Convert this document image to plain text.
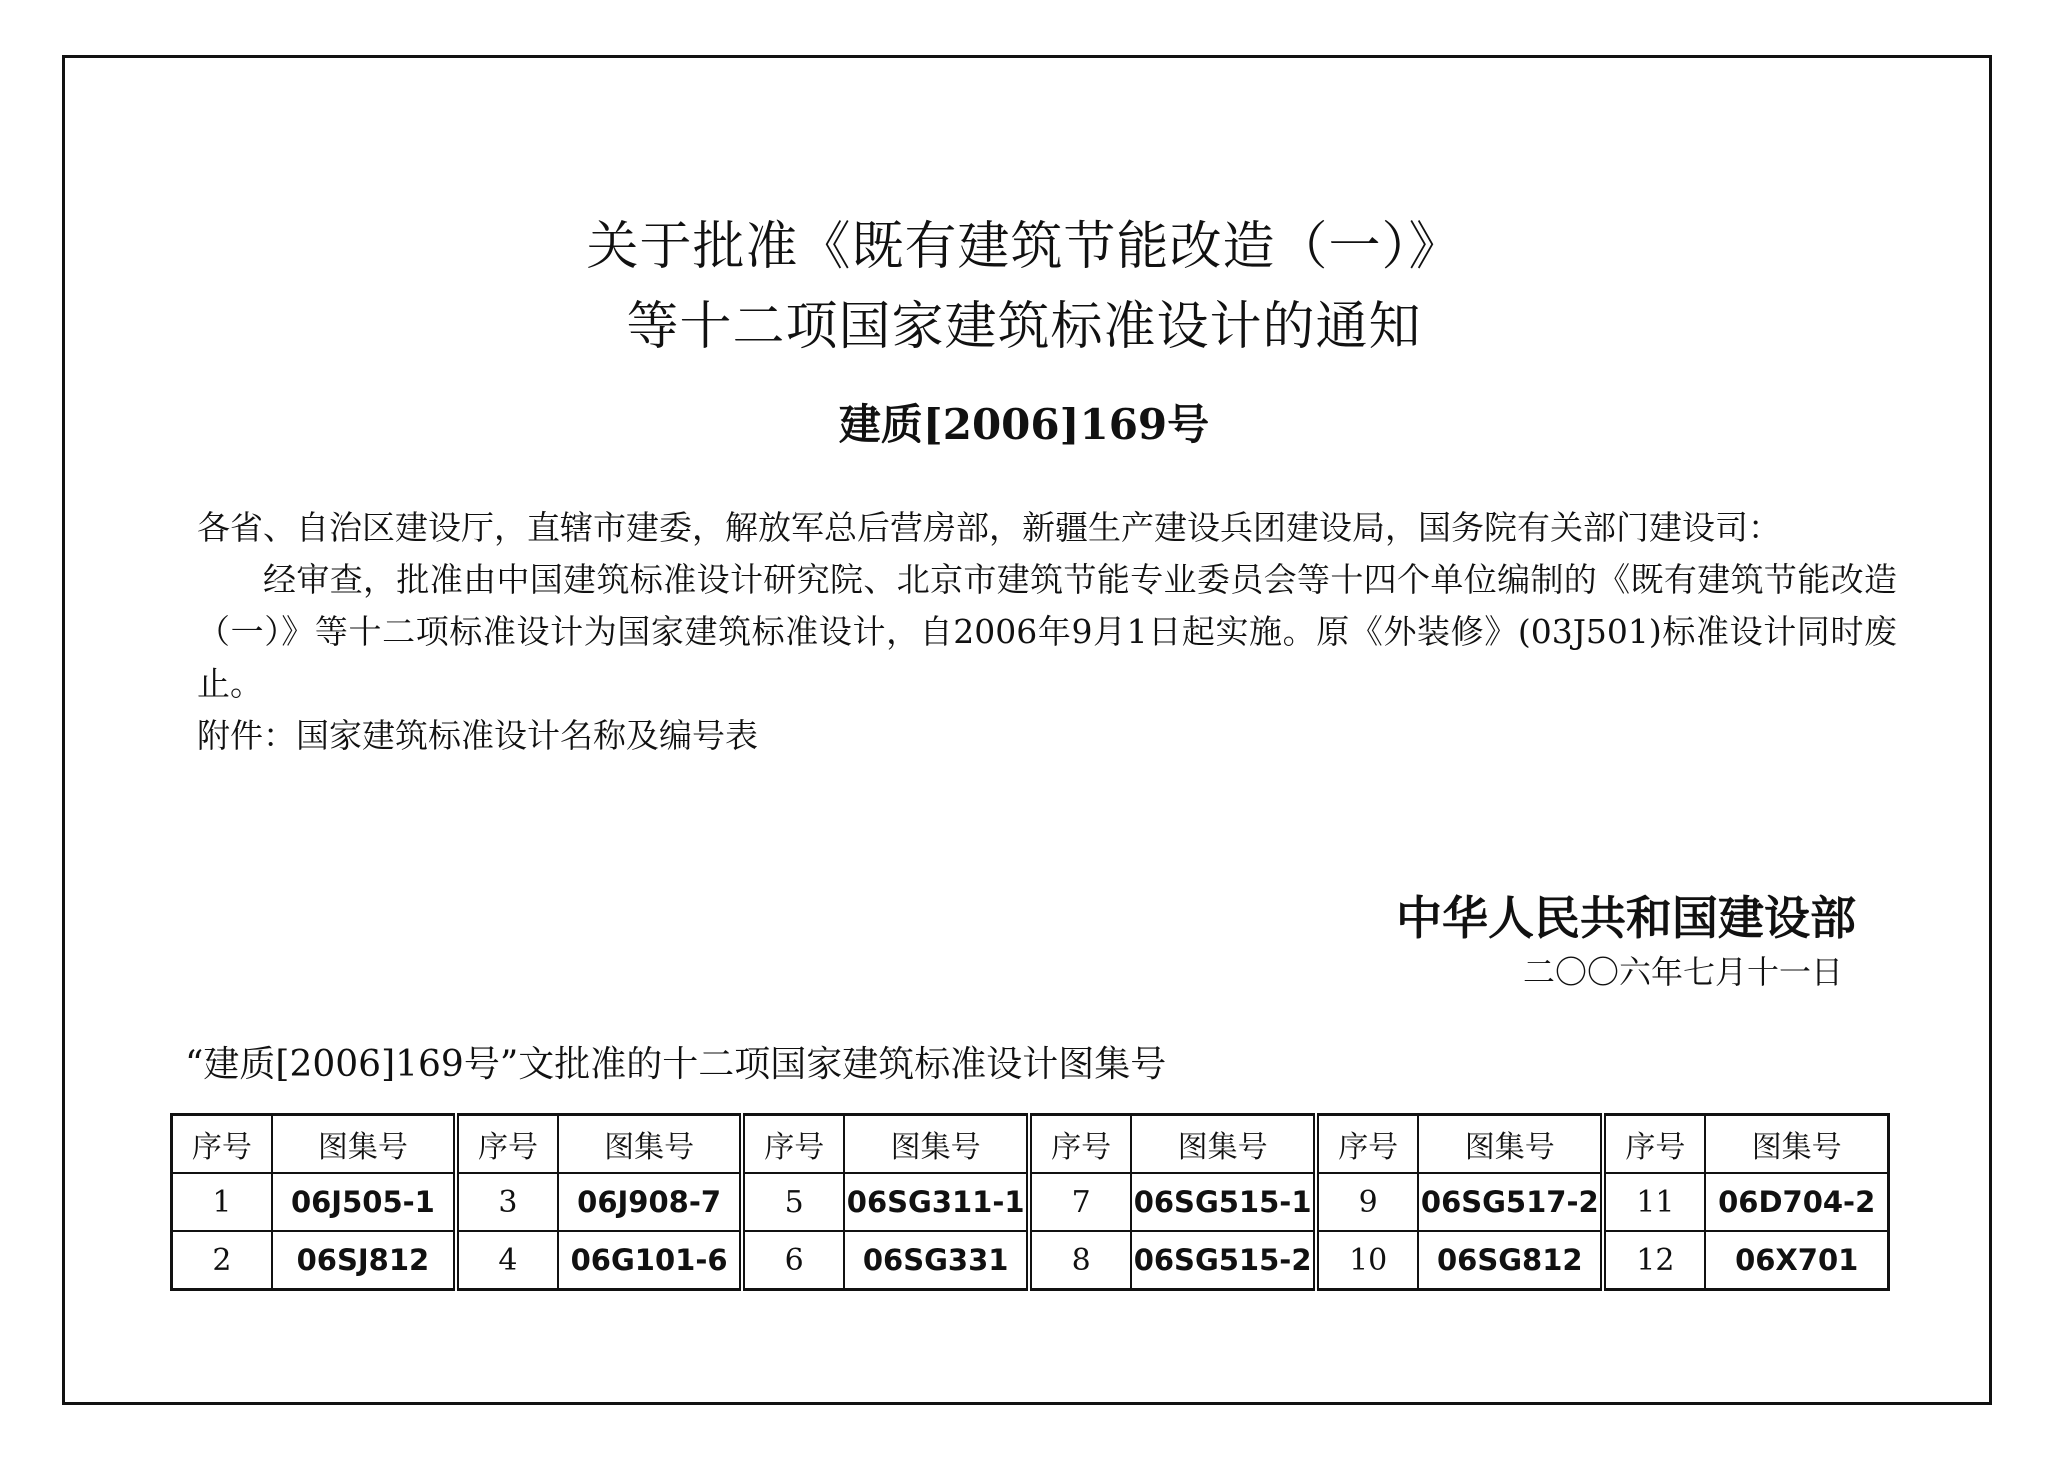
关于批准《既有建筑节能改造（一）》
等十二项国家建筑标准设计的通知
建质[2006]169号

各省、自治区建设厅，直辖市建委，解放军总后营房部，新疆生产建设兵团建设局，国务院有关部门建设司：

经审查，批准由中国建筑标准设计研究院、北京市建筑节能专业委员会等十四个单位编制的《既有建筑节能改造（一）》等十二项标准设计为国家建筑标准设计，自2006年9月1日起实施。原《外装修》(03J501)标准设计同时废止。

附件：国家建筑标准设计名称及编号表

中华人民共和国建设部
二〇〇六年七月十一日
“建质[2006]169号”文批准的十二项国家建筑标准设计图集号
序号	图集号	序号	图集号	序号	图集号	序号	图集号	序号	图集号	序号	图集号
1	06J505-1	3	06J908-7	5	06SG311-1	7	06SG515-1	9	06SG517-2	11	06D704-2
2	06SJ812	4	06G101-6	6	06SG331	8	06SG515-2	10	06SG812	12	06X701
